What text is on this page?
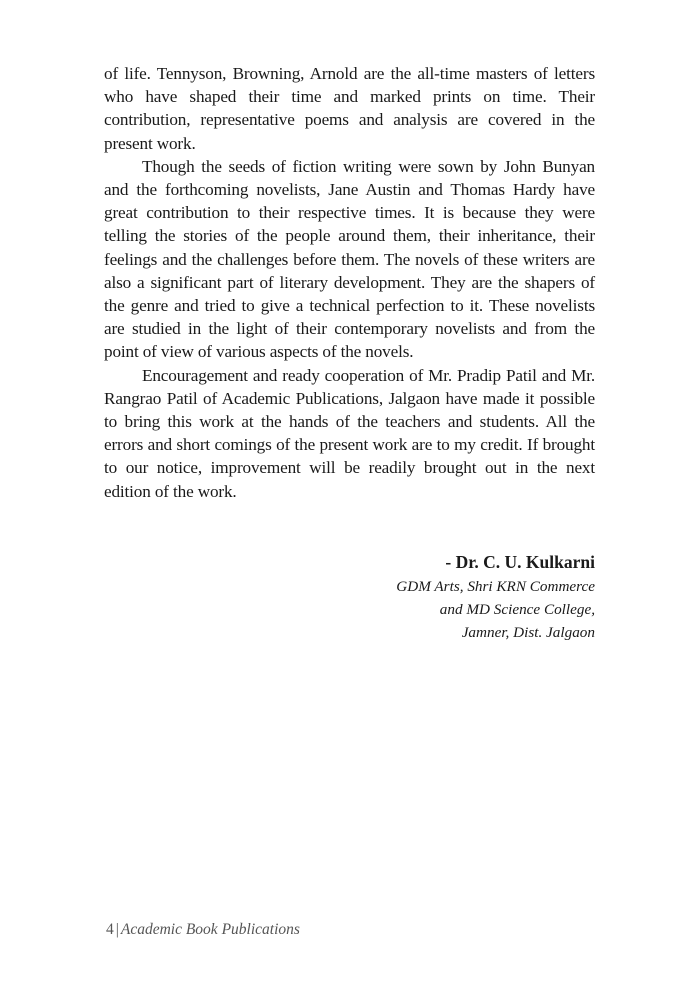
of life. Tennyson, Browning, Arnold are the all-time masters of letters who have shaped their time and marked prints on time. Their contribution, representative poems and analysis are covered in the present work.

Though the seeds of fiction writing were sown by John Bunyan and the forthcoming novelists, Jane Austin and Thomas Hardy have great contribution to their respective times. It is because they were telling the stories of the people around them, their inheritance, their feelings and the challenges before them. The novels of these writers are also a significant part of literary development. They are the shapers of the genre and tried to give a technical perfection to it. These novelists are studied in the light of their contemporary novelists and from the point of view of various aspects of the novels.

Encouragement and ready cooperation of Mr. Pradip Patil and Mr. Rangrao Patil of Academic Publications, Jalgaon have made it possible to bring this work at the hands of the teachers and students. All the errors and short comings of the present work are to my credit. If brought to our notice, improvement will be readily brought out in the next edition of the work.

- Dr. C. U. Kulkarni

GDM Arts, Shri KRN Commerce

and MD Science College,

Jamner, Dist. Jalgaon

4 | Academic Book Publications
